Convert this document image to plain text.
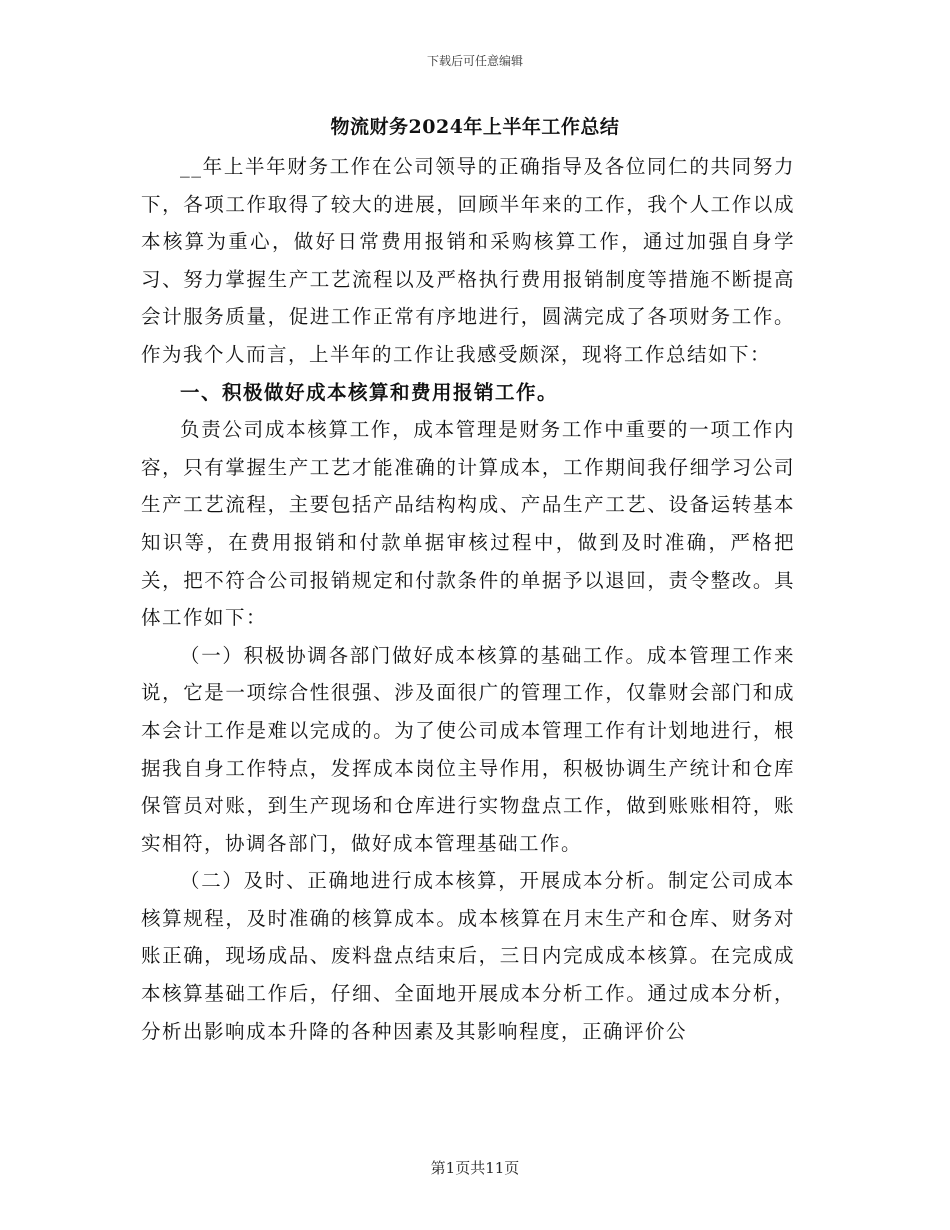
下载后可任意编辑
物流财务2024年上半年工作总结

__年上半年财务工作在公司领导的正确指导及各位同仁的共同努力下，各项工作取得了较大的进展，回顾半年来的工作，我个人工作以成本核算为重心，做好日常费用报销和采购核算工作，通过加强自身学习、努力掌握生产工艺流程以及严格执行费用报销制度等措施不断提高会计服务质量，促进工作正常有序地进行，圆满完成了各项财务工作。作为我个人而言，上半年的工作让我感受颇深，现将工作总结如下：

一、积极做好成本核算和费用报销工作。

负责公司成本核算工作，成本管理是财务工作中重要的一项工作内容，只有掌握生产工艺才能准确的计算成本，工作期间我仔细学习公司生产工艺流程，主要包括产品结构构成、产品生产工艺、设备运转基本知识等，在费用报销和付款单据审核过程中，做到及时准确，严格把关，把不符合公司报销规定和付款条件的单据予以退回，责令整改。具体工作如下：

（一）积极协调各部门做好成本核算的基础工作。成本管理工作来说，它是一项综合性很强、涉及面很广的管理工作，仅靠财会部门和成本会计工作是难以完成的。为了使公司成本管理工作有计划地进行，根据我自身工作特点，发挥成本岗位主导作用，积极协调生产统计和仓库保管员对账，到生产现场和仓库进行实物盘点工作，做到账账相符，账实相符，协调各部门，做好成本管理基础工作。

（二）及时、正确地进行成本核算，开展成本分析。制定公司成本核算规程，及时准确的核算成本。成本核算在月末生产和仓库、财务对账正确，现场成品、废料盘点结束后，三日内完成成本核算。在完成成本核算基础工作后，仔细、全面地开展成本分析工作。通过成本分析，分析出影响成本升降的各种因素及其影响程度，正确评价公

第1页共11页
